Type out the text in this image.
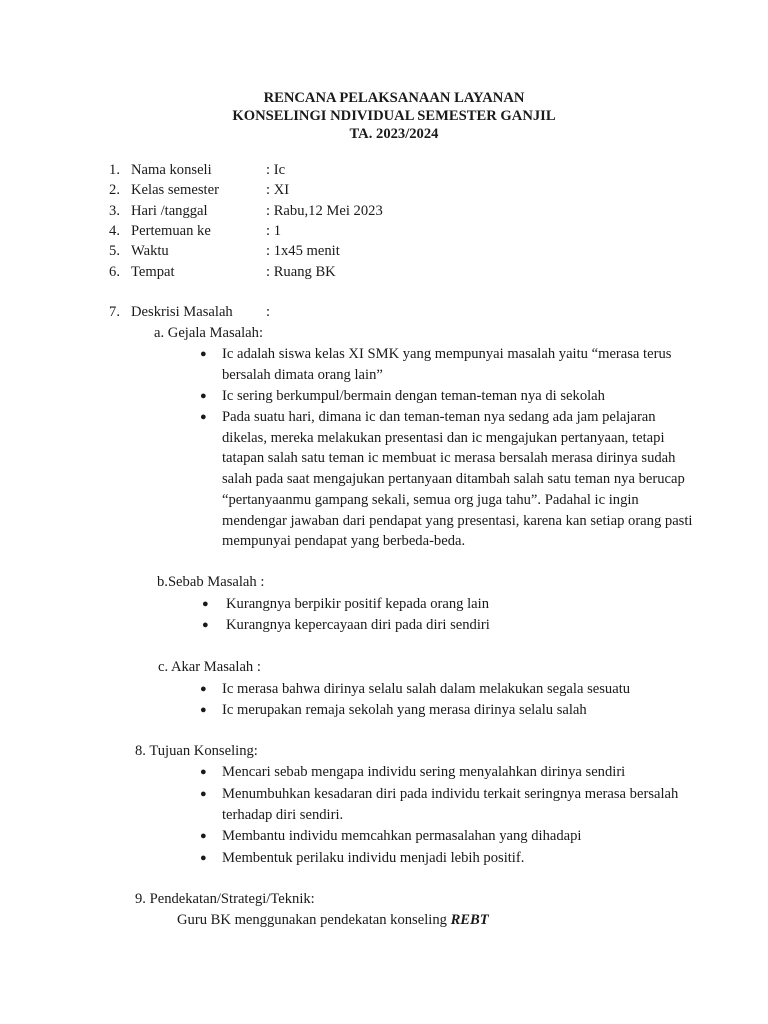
RENCANA PELAKSANAAN LAYANAN
KONSELINGI NDIVIDUAL SEMESTER GANJIL
TA. 2023/2024
1. Nama konseli	: Ic
2. Kelas semester	: XI
3. Hari /tanggal	: Rabu,12 Mei 2023
4. Pertemuan ke	: 1
5. Waktu	: 1x45 menit
6. Tempat	: Ruang BK
7. Deskrisi Masalah :
a. Gejala Masalah:
● Ic adalah siswa kelas XI SMK yang mempunyai masalah yaitu “merasa terus bersalah dimata orang lain”
● Ic sering berkumpul/bermain dengan teman-teman nya di sekolah
● Pada suatu hari, dimana ic dan teman-teman nya sedang ada jam pelajaran dikelas, mereka melakukan presentasi dan ic mengajukan pertanyaan, tetapi tatapan salah satu teman ic membuat ic merasa bersalah merasa dirinya sudah salah pada saat mengajukan pertanyaan ditambah salah satu teman nya berucap “pertanyaanmu gampang sekali, semua org juga tahu”. Padahal ic ingin mendengar jawaban dari pendapat yang presentasi, karena kan setiap orang pasti mempunyai pendapat yang berbeda-beda.
b.Sebab Masalah :
● Kurangnya berpikir positif kepada orang lain
● Kurangnya kepercayaan diri pada diri sendiri
c. Akar Masalah :
● Ic merasa bahwa dirinya selalu salah dalam melakukan segala sesuatu
● Ic merupakan remaja sekolah yang merasa dirinya selalu salah
8. Tujuan Konseling:
● Mencari sebab mengapa individu sering menyalahkan dirinya sendiri
● Menumbuhkan kesadaran diri pada individu terkait seringnya merasa bersalah terhadap diri sendiri.
● Membantu individu memcahkan permasalahan yang dihadapi
● Membentuk perilaku individu menjadi lebih positif.
9. Pendekatan/Strategi/Teknik:
Guru BK menggunakan pendekatan konseling REBT
